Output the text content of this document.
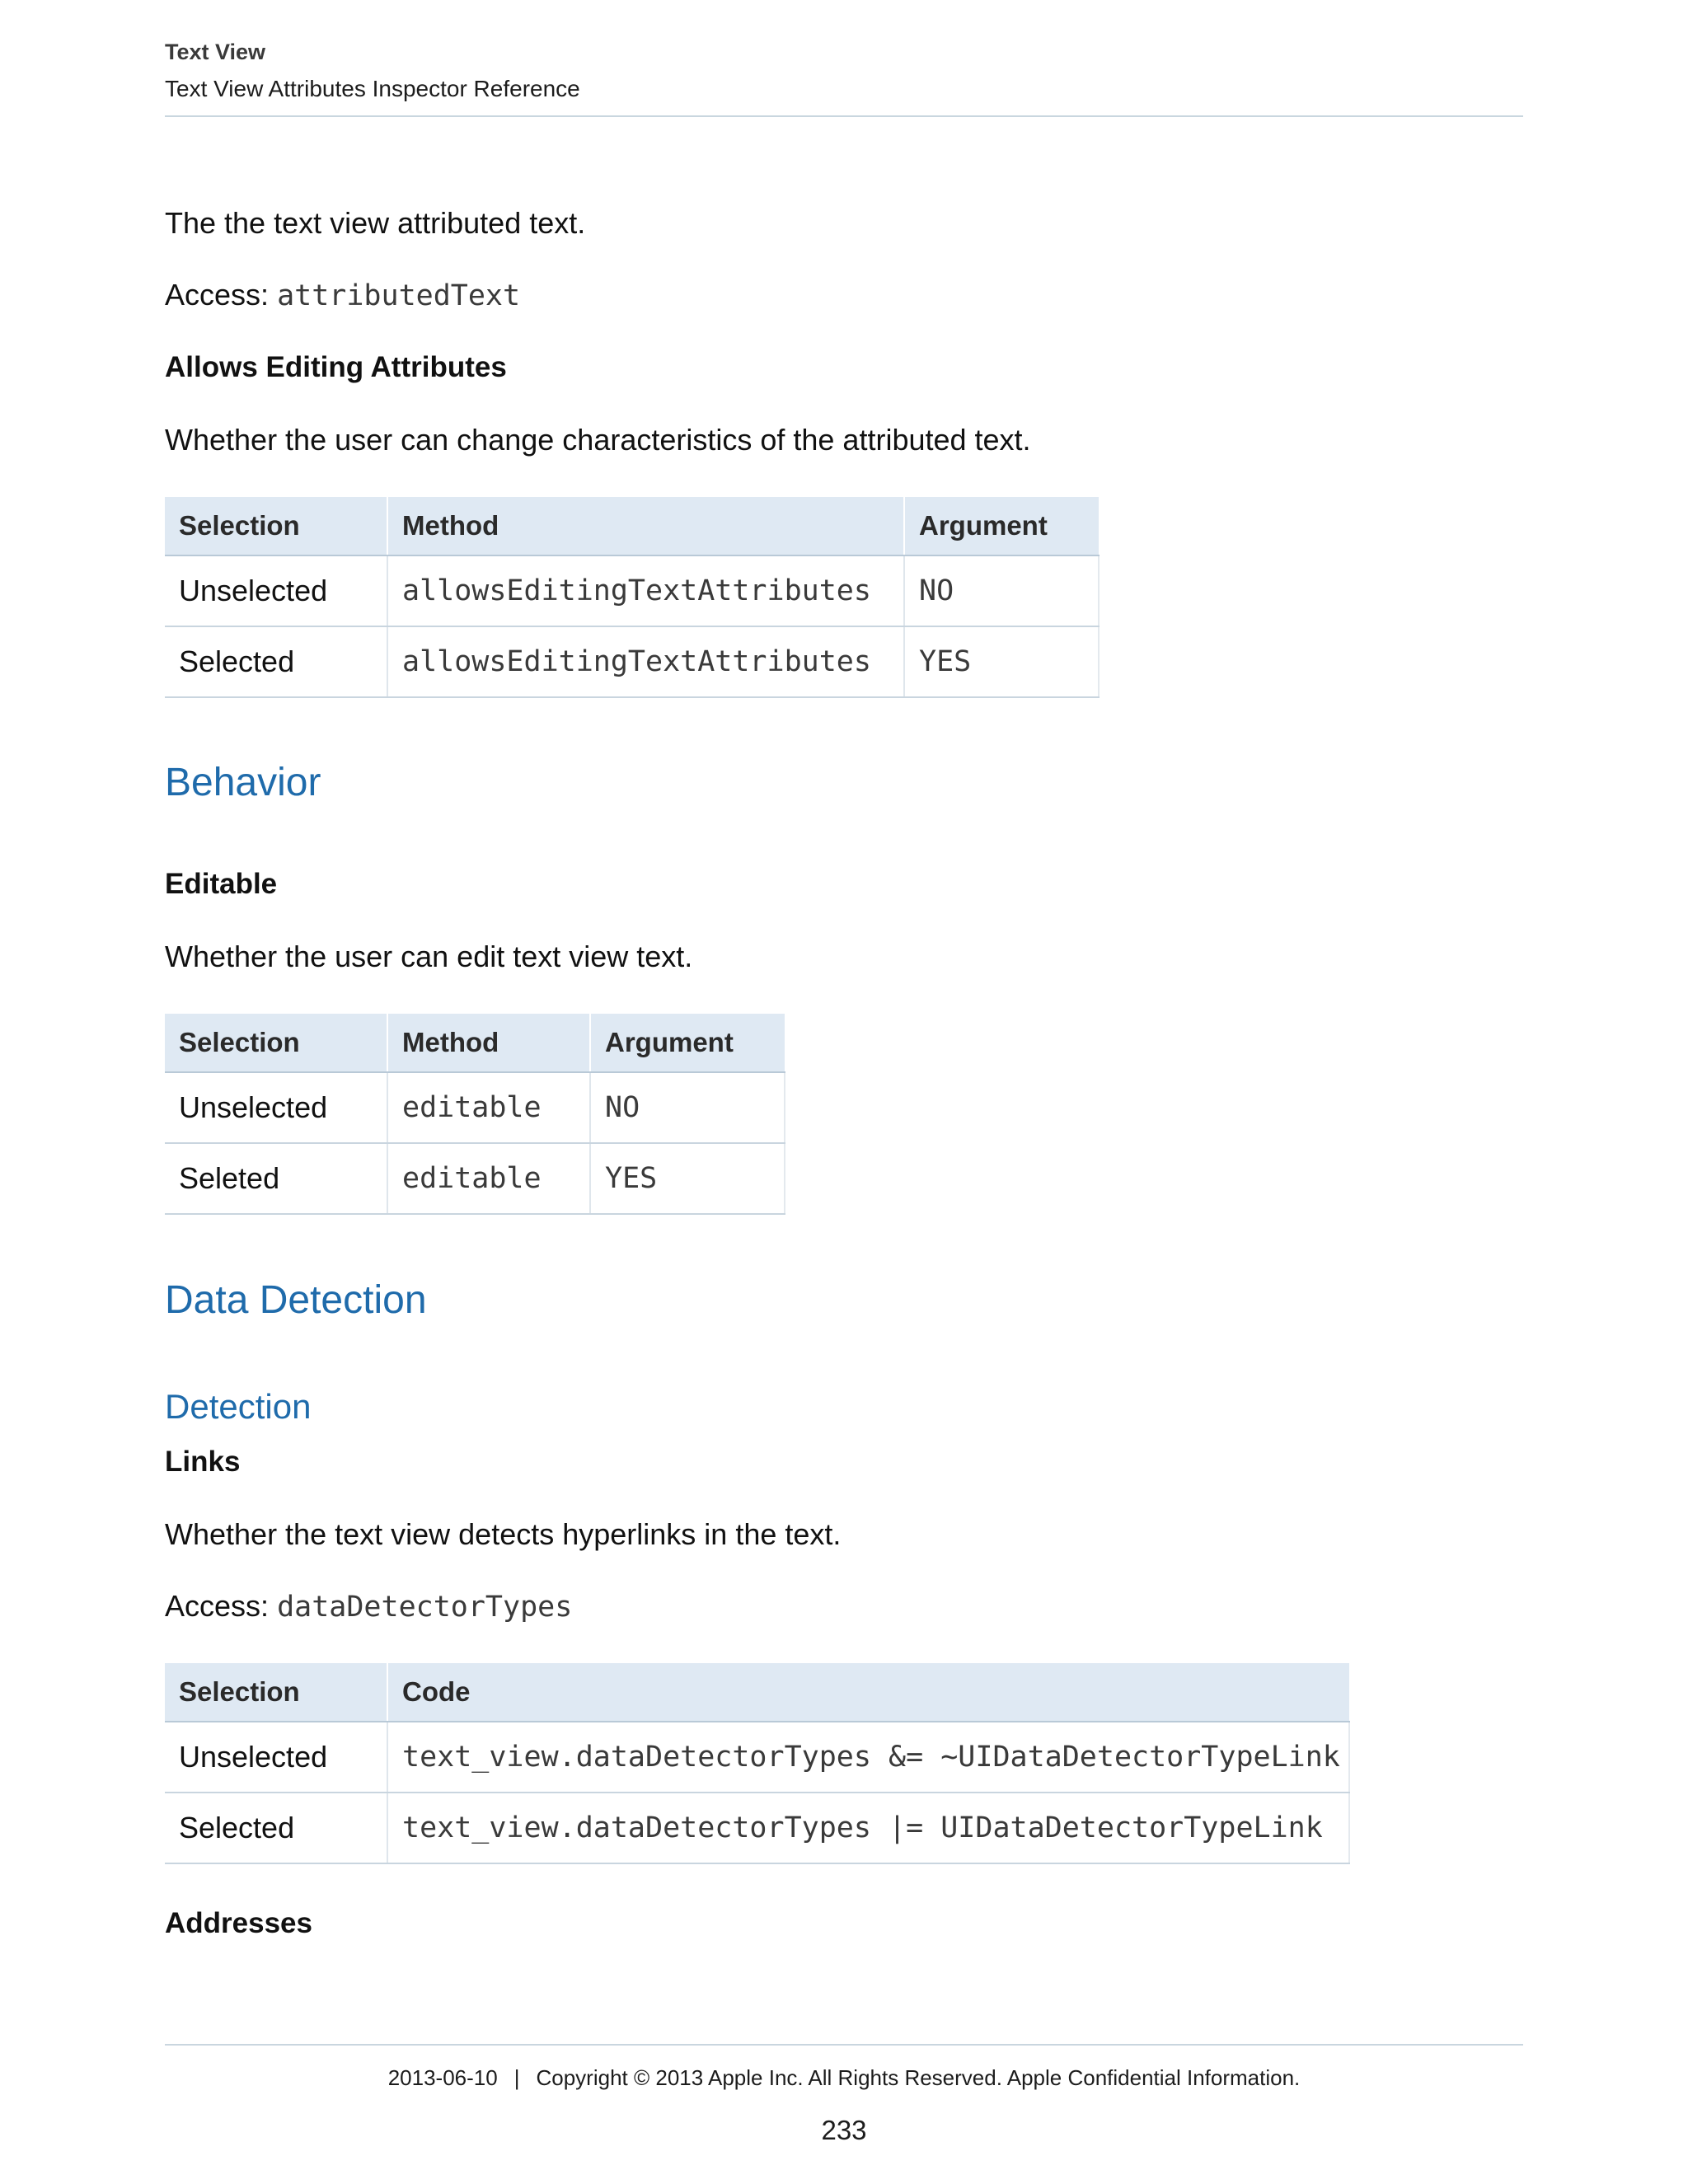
Text View
Text View Attributes Inspector Reference
The the text view attributed text.
Access: attributedText
Allows Editing Attributes
Whether the user can change characteristics of the attributed text.
Selection	Method	Argument
Unselected	allowsEditingTextAttributes	NO
Selected	allowsEditingTextAttributes	YES
Behavior
Editable
Whether the user can edit text view text.
Selection	Method	Argument
Unselected	editable	NO
Seleted	editable	YES
Data Detection
Detection
Links
Whether the text view detects hyperlinks in the text.
Access: dataDetectorTypes
Selection	Code
Unselected	text_view.dataDetectorTypes &= ~UIDataDetectorTypeLink
Selected	text_view.dataDetectorTypes |= UIDataDetectorTypeLink
Addresses
2013-06-10 | Copyright © 2013 Apple Inc. All Rights Reserved. Apple Confidential Information.
233
